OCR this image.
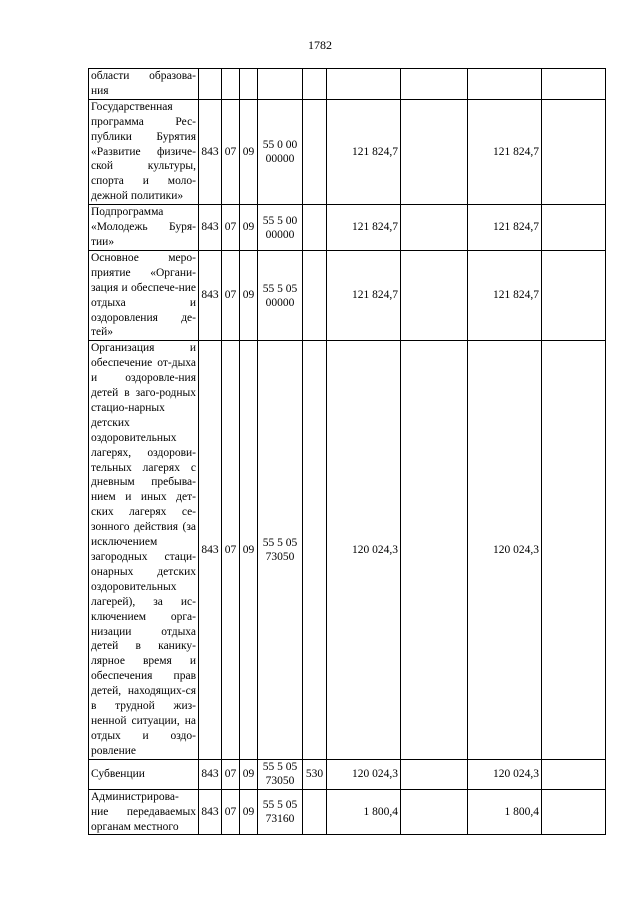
1782
области образова-ния									
Государственная программа Рес-публики Бурятия «Развитие физиче-ской культуры, спорта и моло-дежной политики»	843	07	09	55 0 00 00000		121 824,7		121 824,7	
Подпрограмма «Молодежь Буря-тии»	843	07	09	55 5 00 00000		121 824,7		121 824,7	
Основное меро-приятие «Органи-зация и обеспече-ние отдыха и оздоровления де-тей»	843	07	09	55 5 05 00000		121 824,7		121 824,7	
Организация и обеспечение от-дыха и оздоровле-ния детей в заго-родных стацио-нарных детских оздоровительных лагерях, оздорови-тельных лагерях с дневным пребыва-нием и иных дет-ских лагерях се-зонного действия (за исключением загородных стаци-онарных детских оздоровительных лагерей), за ис-ключением орга-низации отдыха детей в канику-лярное время и обеспечения прав детей, находящих-ся в трудной жиз-ненной ситуации, на отдых и оздо-ровление	843	07	09	55 5 05 73050		120 024,3		120 024,3	
Субвенции	843	07	09	55 5 05 73050	530	120 024,3		120 024,3	
Администрирова-ние передаваемых органам местного	843	07	09	55 5 05 73160		1 800,4		1 800,4	
